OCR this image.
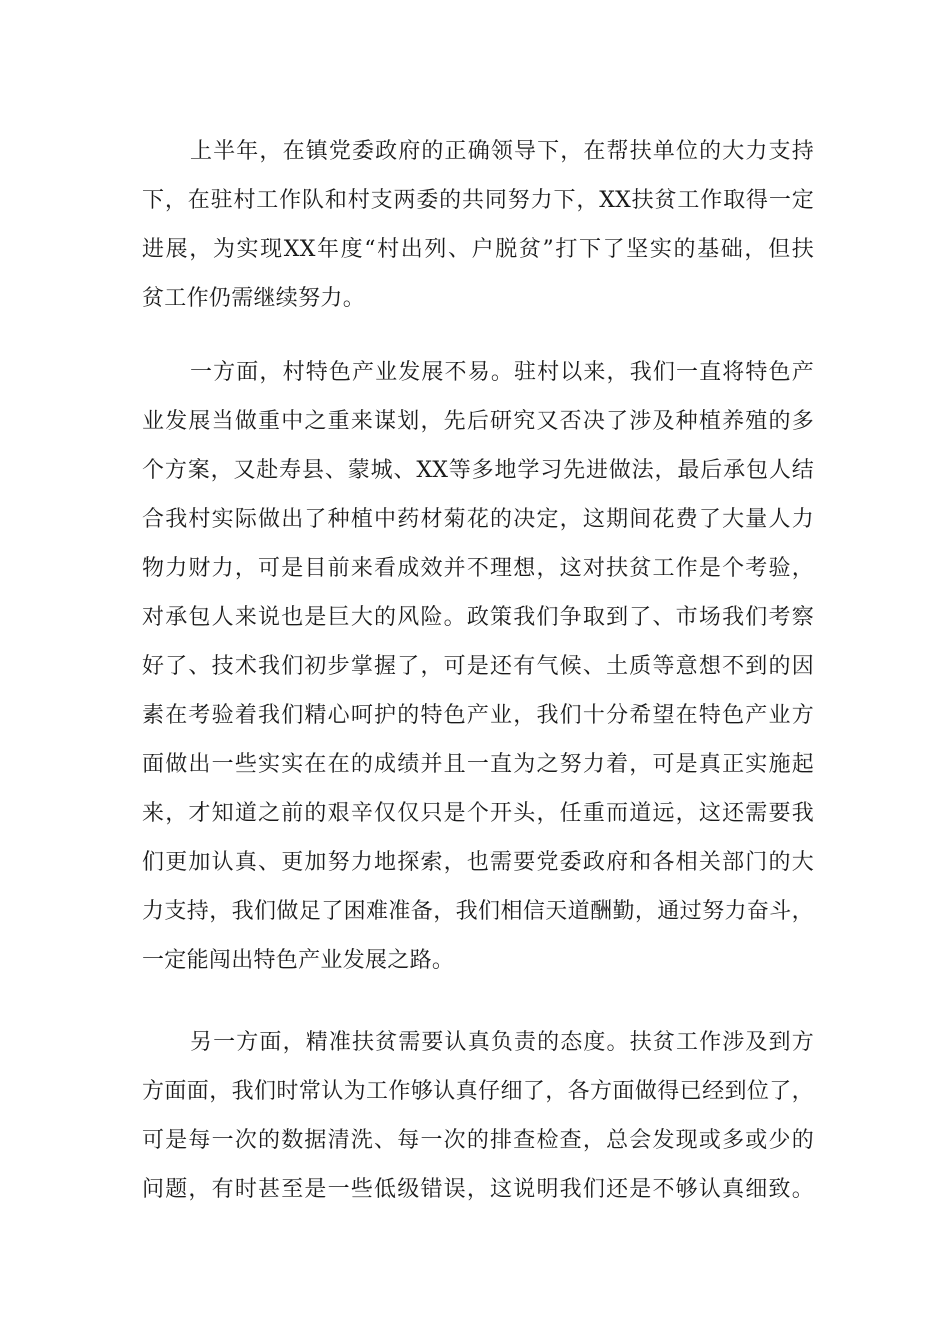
上半年，在镇党委政府的正确领导下，在帮扶单位的大力支持
下，在驻村工作队和村支两委的共同努力下，XX扶贫工作取得一定
进展，为实现XX年度“村出列、户脱贫”打下了坚实的基础，但扶
贫工作仍需继续努力。
一方面，村特色产业发展不易。驻村以来，我们一直将特色产
业发展当做重中之重来谋划，先后研究又否决了涉及种植养殖的多
个方案，又赴寿县、蒙城、XX等多地学习先进做法，最后承包人结
合我村实际做出了种植中药材菊花的决定，这期间花费了大量人力
物力财力，可是目前来看成效并不理想，这对扶贫工作是个考验，
对承包人来说也是巨大的风险。政策我们争取到了、市场我们考察
好了、技术我们初步掌握了，可是还有气候、土质等意想不到的因
素在考验着我们精心呵护的特色产业，我们十分希望在特色产业方
面做出一些实实在在的成绩并且一直为之努力着，可是真正实施起
来，才知道之前的艰辛仅仅只是个开头，任重而道远，这还需要我
们更加认真、更加努力地探索，也需要党委政府和各相关部门的大
力支持，我们做足了困难准备，我们相信天道酬勤，通过努力奋斗，
一定能闯出特色产业发展之路。
另一方面，精准扶贫需要认真负责的态度。扶贫工作涉及到方
方面面，我们时常认为工作够认真仔细了，各方面做得已经到位了，
可是每一次的数据清洗、每一次的排查检查，总会发现或多或少的
问题，有时甚至是一些低级错误，这说明我们还是不够认真细致。
